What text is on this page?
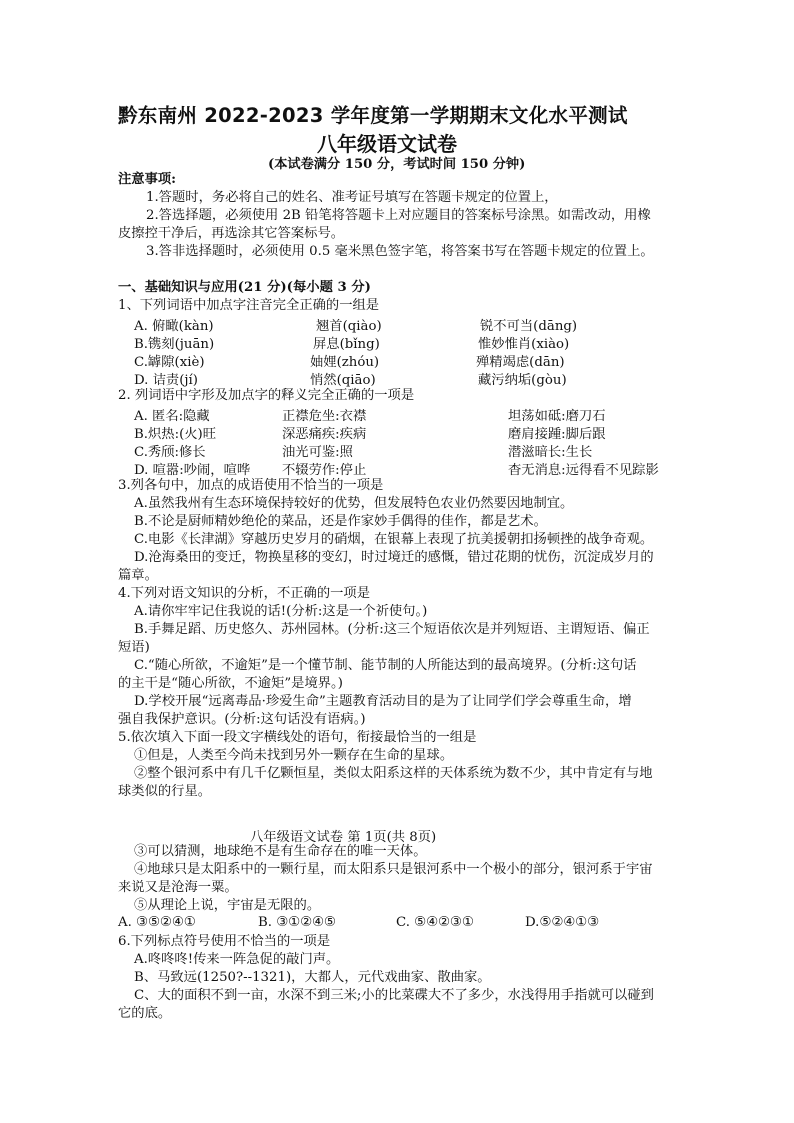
黔东南州 2022-2023 学年度第一学期期末文化水平测试
八年级语文试卷
(本试卷满分 150 分，考试时间 150 分钟)
注意事项:
1.答题时，务必将自己的姓名、准考证号填写在答题卡规定的位置上，
2.答选择题，必须使用 2B 铅笔将答题卡上对应题目的答案标号涂黑。如需改动，用橡
皮擦控干净后，再选涂其它答案标号。
3.答非选择题时，必须使用 0.5 毫米黑色签字笔，将答案书写在答题卡规定的位置上。
一、基础知识与应用(21 分)(每小题 3 分)
1、下列词语中加点字注音完全正确的一组是
A. 俯瞰(kàn)	翘首(qiào)	锐不可当(dāng)
B.镌刻(juān)	屏息(bǐng)	惟妙惟肖(xiào)
C.罅隙(xiè)	妯娌(zhóu)	殚精竭虑(dān)
D. 诘责(jí)	悄然(qiāo)	藏污纳垢(gòu)
2. 列词语中字形及加点字的释义完全正确的一项是
A. 匿名:隐藏	正襟危坐:衣襟	坦荡如砥:磨刀石
B.炽热:(火)旺	深恶痛疾:疾病	磨肩接踵:脚后跟
C.秀颀:修长	油光可鉴:照	潜滋暗长:生长
D. 喧嚣:吵闹，喧哗 不辍劳作:停止	杳无消息:远得看不见踪影
3.列各句中，加点的成语使用不恰当的一项是
A.虽然我州有生态环境保持较好的优势，但发展特色农业仍然要因地制宜。
B.不论是厨师精妙绝伦的菜品，还是作家妙手偶得的佳作，都是艺术。
C.电影《长津湖》穿越历史岁月的硝烟，在银幕上表现了抗美援朝扣扬顿挫的战争奇观。
D.沧海桑田的变迁，物换星移的变幻，时过境迁的感慨，错过花期的忧伤，沉淀成岁月的
篇章。
4.下列对语文知识的分析，不正确的一项是
A.请你牢牢记住我说的话!(分析:这是一个祈使句。)
B.手舞足蹈、历史悠久、苏州园林。(分析:这三个短语依次是并列短语、主谓短语、偏正
短语)
C.“随心所欲，不逾矩”是一个懂节制、能节制的人所能达到的最高境界。(分析:这句话
的主干是“随心所欲，不逾矩”是境界。)
D.学校开展“远离毒品·珍爱生命”主题教育活动目的是为了让同学们学会尊重生命，增
强自我保护意识。(分析:这句话没有语病。)
5.依次填入下面一段文字横线处的语句，衔接最恰当的一组是
①但是，人类至今尚未找到另外一颗存在生命的星球。
②整个银河系中有几千亿颗恒星，类似太阳系这样的天体系统为数不少，其中肯定有与地
球类似的行星。
八年级语文试卷 第 1页(共 8页)
③可以猜测，地球绝不是有生命存在的唯一天体。
④地球只是太阳系中的一颗行星，而太阳系只是银河系中一个极小的部分，银河系于宇宙
来说又是沧海一粟。
⑤从理论上说，宇宙是无限的。
A. ③⑤②④①	B. ③①②④⑤	C. ⑤④②③①	D.⑤②④①③
6.下列标点符号使用不恰当的一项是
A.咚咚咚!传来一阵急促的敲门声。
B、马致远(1250?--1321)，大都人，元代戏曲家、散曲家。
C、大的面积不到一亩，水深不到三米;小的比菜碟大不了多少，水浅得用手指就可以碰到
它的底。
